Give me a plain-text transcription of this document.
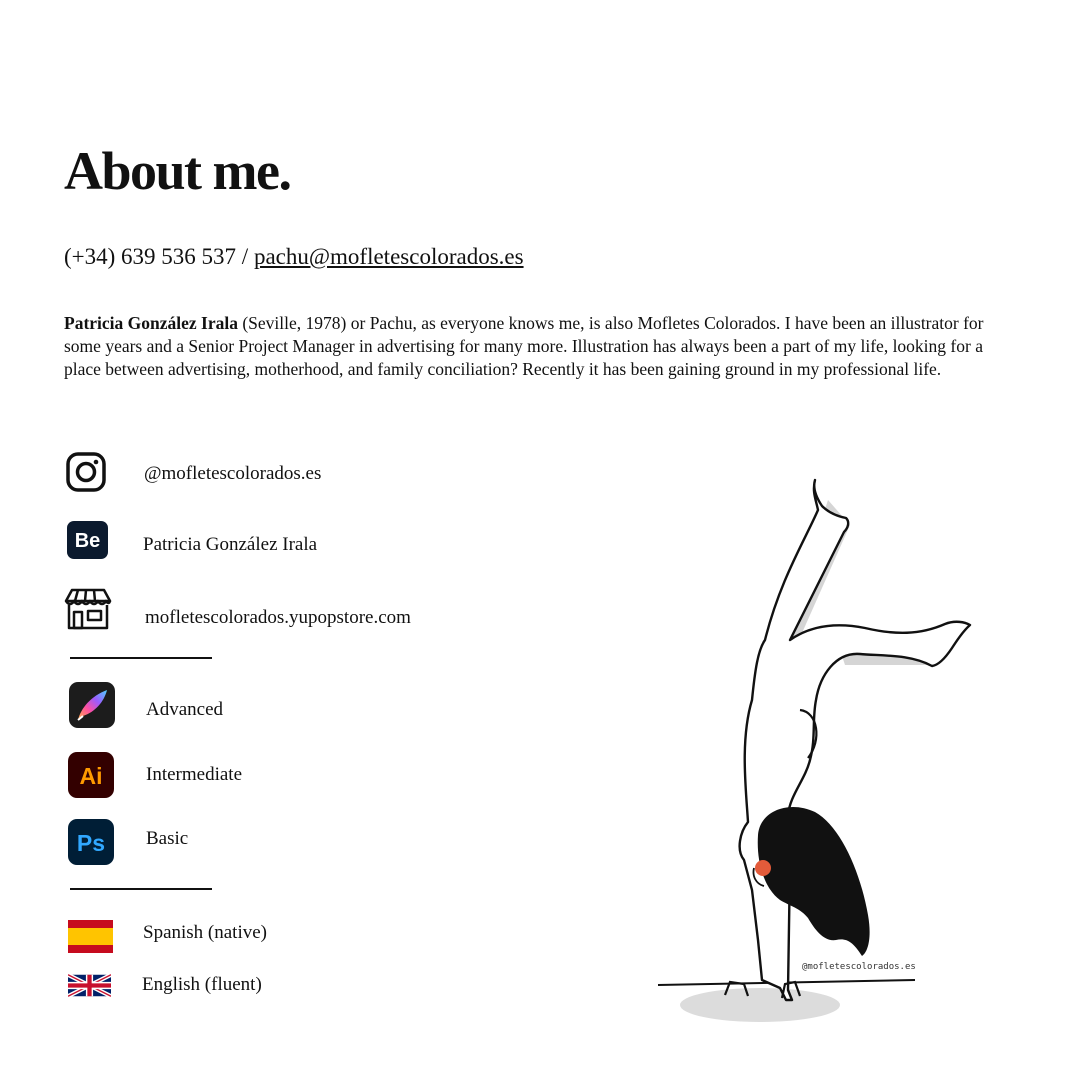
About me.
(+34) 639 536 537 / pachu@mofletescolorados.es

Patricia González Irala (Seville, 1978) or Pachu, as everyone knows me, is also Mofletes Colorados. I have been an illustrator for some years and a Senior Project Manager in advertising for many more. Illustration has always been a part of my life, looking for a place between advertising, motherhood, and family conciliation? Recently it has been gaining ground in my professional life.

@mofletescolorados.es
Be Patricia González Irala
mofletescolorados.yupopstore.com
Advanced
Ai Intermediate
Ps Basic
Spanish (native)
English (fluent)
@mofletescolorados.es
